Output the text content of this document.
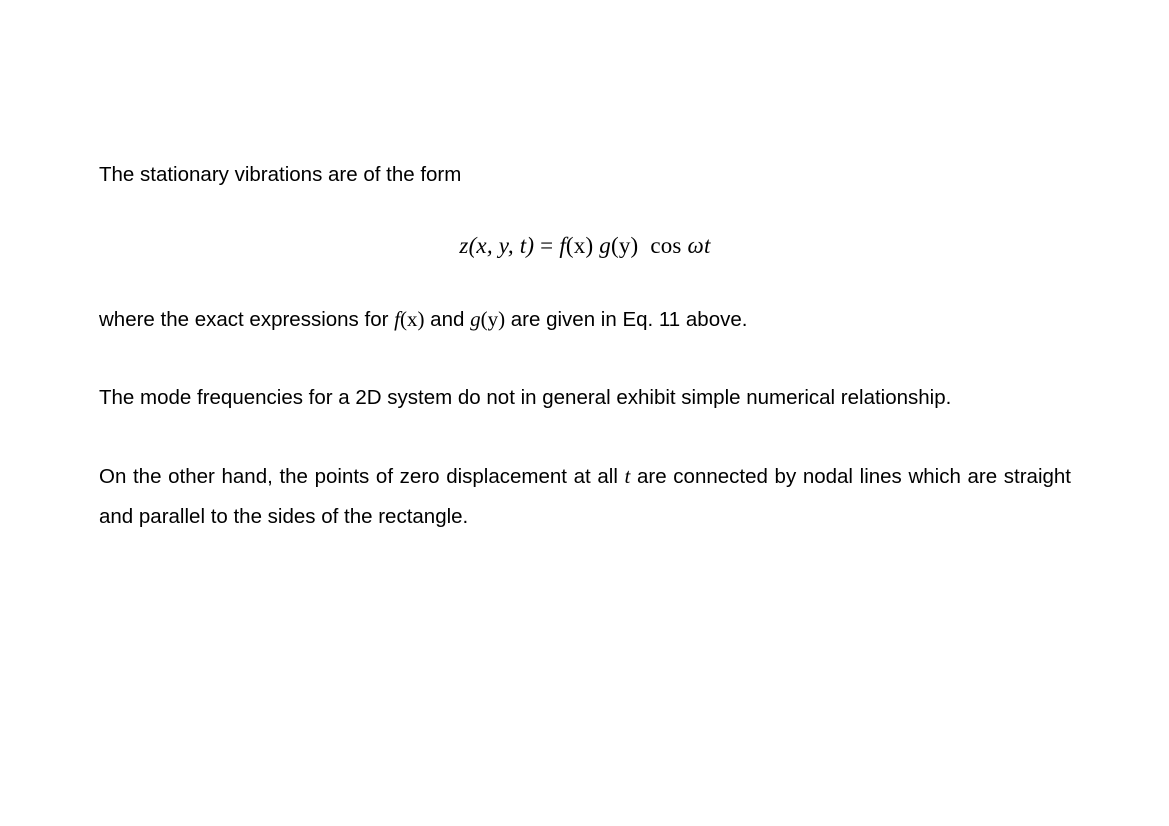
The stationary vibrations are of the form

z(x, y, t) = f(x) g(y) cos ωt

where the exact expressions for f(x) and g(y) are given in Eq. 11 above.

The mode frequencies for a 2D system do not in general exhibit simple numerical relationship.

On the other hand, the points of zero displacement at all t are connected by nodal lines which are straight and parallel to the sides of the rectangle.
